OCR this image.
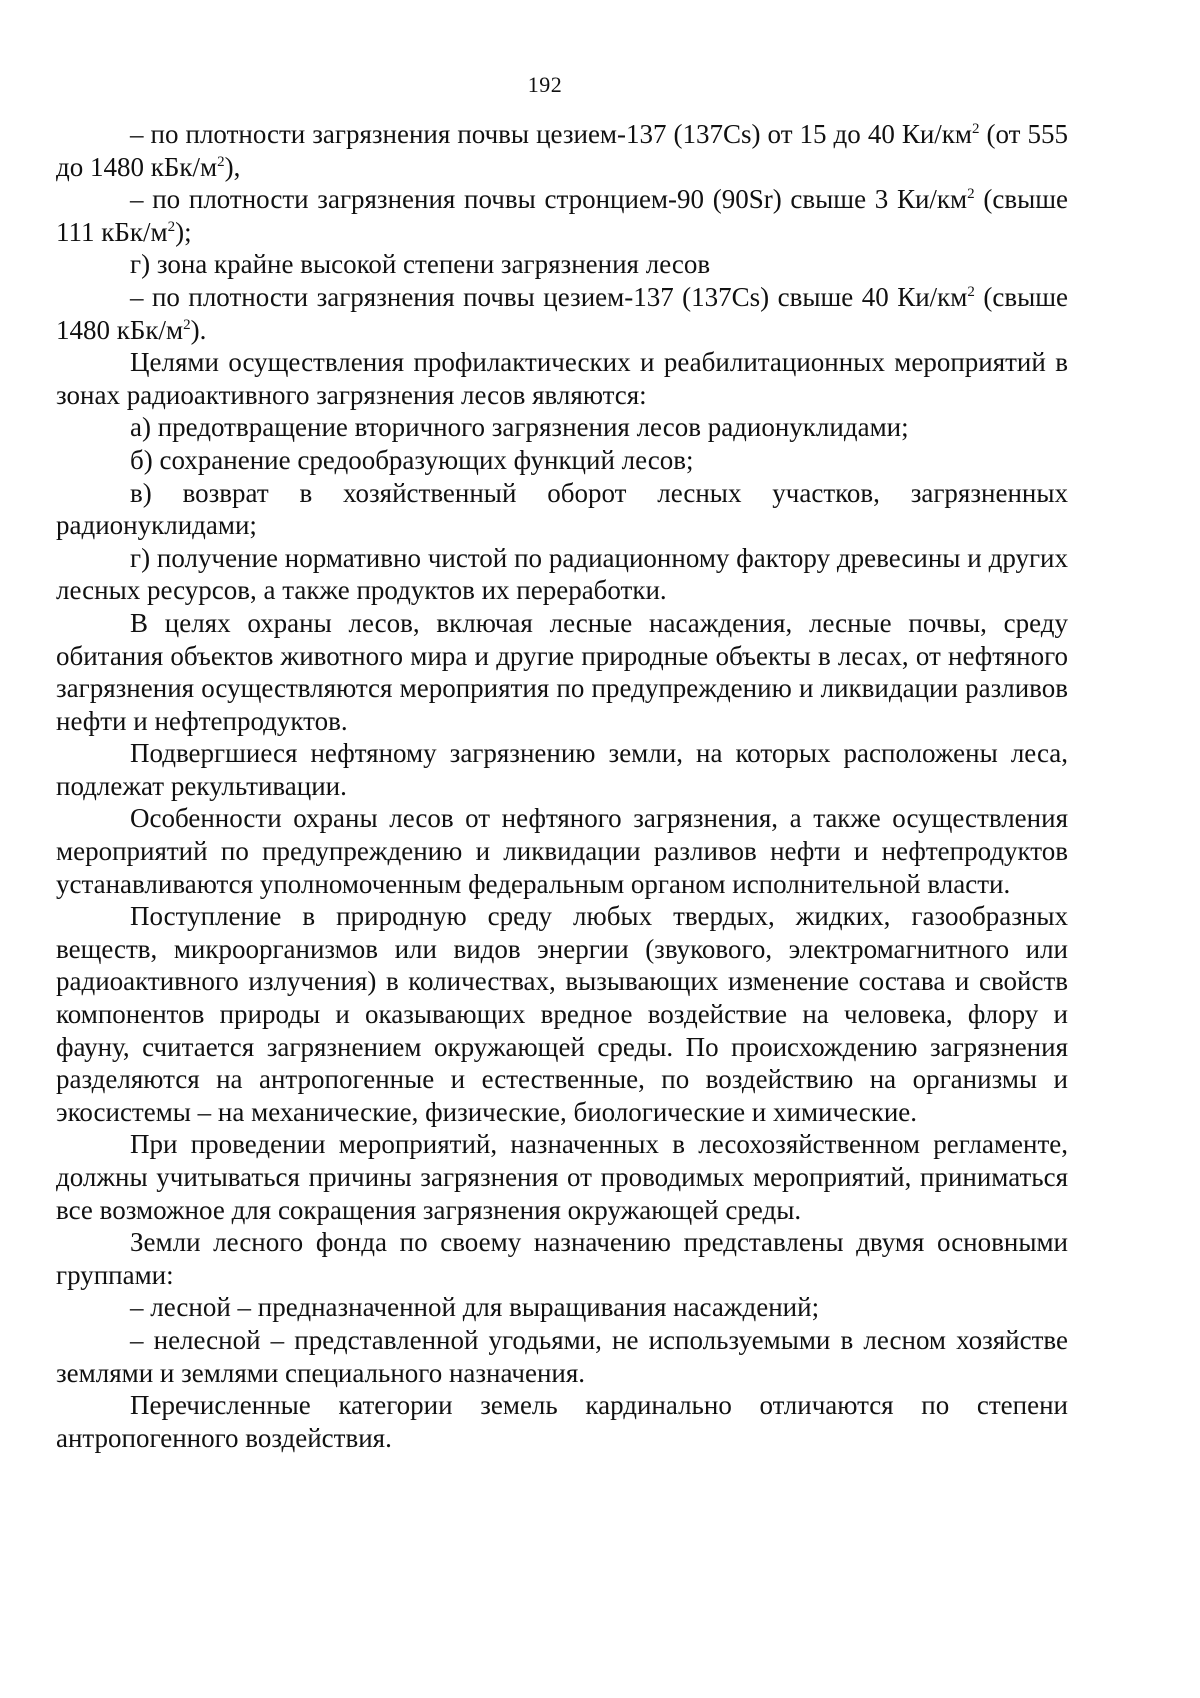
192

– по плотности загрязнения почвы цезием-137 (137Cs) от 15 до 40 $Ки/км^2$ (от 555 до 1480 кБк/$м^2$),

– по плотности загрязнения почвы стронцием-90 (90Sr) свыше 3 $Ки/км^2$ (свыше 111 кБк/$м^2$);

г) зона крайне высокой степени загрязнения лесов

– по плотности загрязнения почвы цезием-137 (137Cs) свыше 40 $Ки/км^2$ (свыше 1480 кБк/$м^2$).

Целями осуществления профилактических и реабилитационных мероприятий в зонах радиоактивного загрязнения лесов являются:

а) предотвращение вторичного загрязнения лесов радионуклидами;

б) сохранение средообразующих функций лесов;

в) возврат в хозяйственный оборот лесных участков, загрязненных радионуклидами;

г) получение нормативно чистой по радиационному фактору древесины и других лесных ресурсов, а также продуктов их переработки.

В целях охраны лесов, включая лесные насаждения, лесные почвы, среду обитания объектов животного мира и другие природные объекты в лесах, от нефтяного загрязнения осуществляются мероприятия по предупреждению и ликвидации разливов нефти и нефтепродуктов.

Подвергшиеся нефтяному загрязнению земли, на которых расположены леса, подлежат рекультивации.

Особенности охраны лесов от нефтяного загрязнения, а также осуществления мероприятий по предупреждению и ликвидации разливов нефти и нефтепродуктов устанавливаются уполномоченным федеральным органом исполнительной власти.

Поступление в природную среду любых твердых, жидких, газообразных веществ, микроорганизмов или видов энергии (звукового, электромагнитного или радиоактивного излучения) в количествах, вызывающих изменение состава и свойств компонентов природы и оказывающих вредное воздействие на человека, флору и фауну, считается загрязнением окружающей среды. По происхождению загрязнения разделяются на антропогенные и естественные, по воздействию на организмы и экосистемы – на механические, физические, биологические и химические.

При проведении мероприятий, назначенных в лесохозяйственном регламенте, должны учитываться причины загрязнения от проводимых мероприятий, приниматься все возможное для сокращения загрязнения окружающей среды.

Земли лесного фонда по своему назначению представлены двумя основными группами:

– лесной – предназначенной для выращивания насаждений;

– нелесной – представленной угодьями, не используемыми в лесном хозяйстве землями и землями специального назначения.

Перечисленные категории земель кардинально отличаются по степени антропогенного воздействия.
